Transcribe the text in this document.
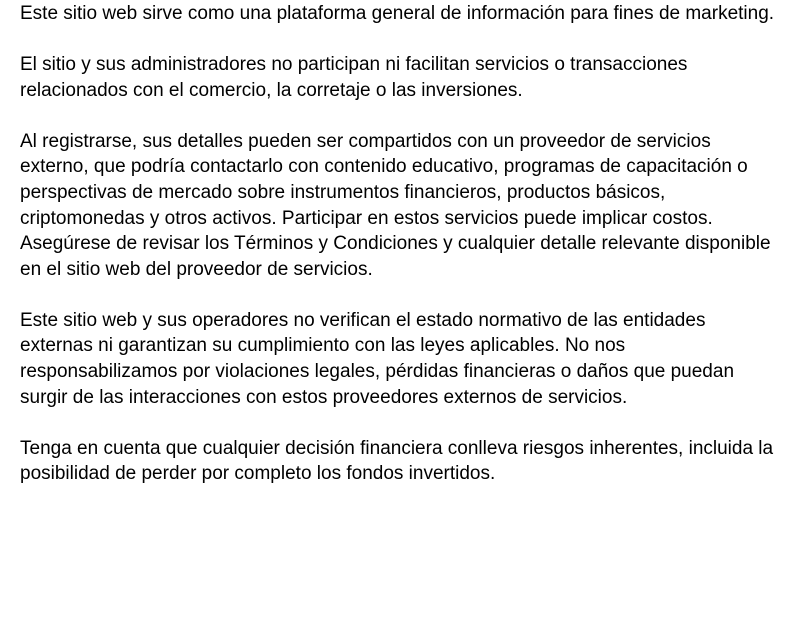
Este sitio web sirve como una plataforma general de información para fines de marketing.

El sitio y sus administradores no participan ni facilitan servicios o transacciones relacionados con el comercio, la corretaje o las inversiones.

Al registrarse, sus detalles pueden ser compartidos con un proveedor de servicios externo, que podría contactarlo con contenido educativo, programas de capacitación o perspectivas de mercado sobre instrumentos financieros, productos básicos, criptomonedas y otros activos. Participar en estos servicios puede implicar costos. Asegúrese de revisar los Términos y Condiciones y cualquier detalle relevante disponible en el sitio web del proveedor de servicios.

Este sitio web y sus operadores no verifican el estado normativo de las entidades externas ni garantizan su cumplimiento con las leyes aplicables. No nos responsabilizamos por violaciones legales, pérdidas financieras o daños que puedan surgir de las interacciones con estos proveedores externos de servicios.

Tenga en cuenta que cualquier decisión financiera conlleva riesgos inherentes, incluida la posibilidad de perder por completo los fondos invertidos.
